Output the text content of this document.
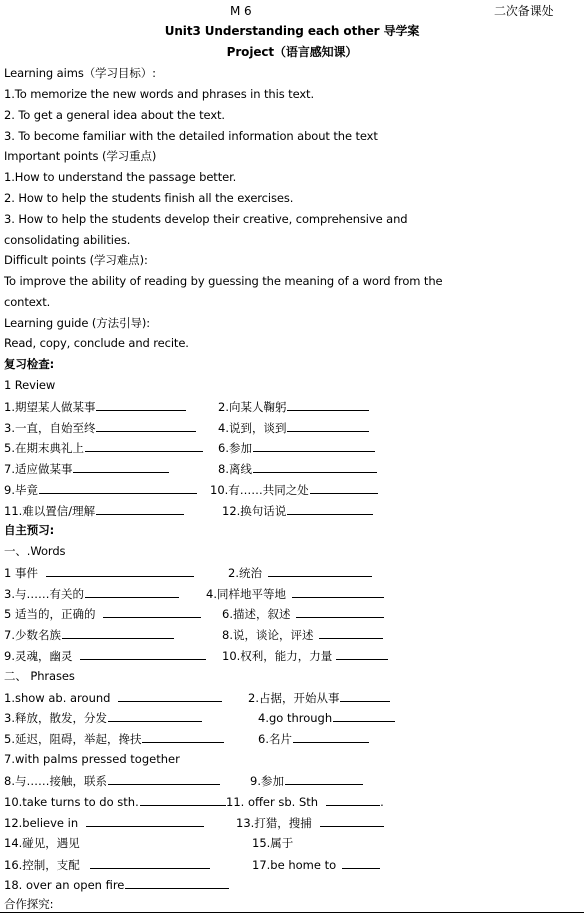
M 6	二次备课处
Unit3 Understanding each other 导学案
Project（语言感知课）
Learning aims（学习目标）:
1.To memorize the new words and phrases in this text.
2. To get a general idea about the text.
3. To become familiar with the detailed information about the text
Important points (学习重点)
1.How to understand the passage better.
2. How to help the students finish all the exercises.
3. How to help the students develop their creative, comprehensive and
consolidating abilities.
Difficult points (学习难点):
To improve the ability of reading by guessing the meaning of a word from the
context.
Learning guide (方法引导):
Read, copy, conclude and recite.
复习检查:
1 Review
1.期望某人做某事	2.向某人鞠躬
3.一直，自始至终	4.说到，谈到
5.在期末典礼上	6.参加
7.适应做某事	8.离线
9.毕竟	10.有……共同之处
11.难以置信/理解	12.换句话说
自主预习:
一、.Words
1 事件	2.统治
3.与……有关的	4.同样地平等地
5 适当的，正确的	6.描述，叙述
7.少数名族	8.说，谈论，评述
9.灵魂，幽灵	10.权利，能力，力量
二、 Phrases
1.show ab. around	2.占据，开始从事
3.释放，散发，分发	4.go through
5.延迟，阻碍，举起，搀扶	6.名片
7.with palms pressed together
8.与……接触，联系	9.参加
10.take turns to do sth.	11. offer sb. Sth	.
12.believe in	13.打猎，搜捕
14.碰见，遇见	15.属于
16.控制，支配	17.be home to
18. over an open fire
合作探究:
